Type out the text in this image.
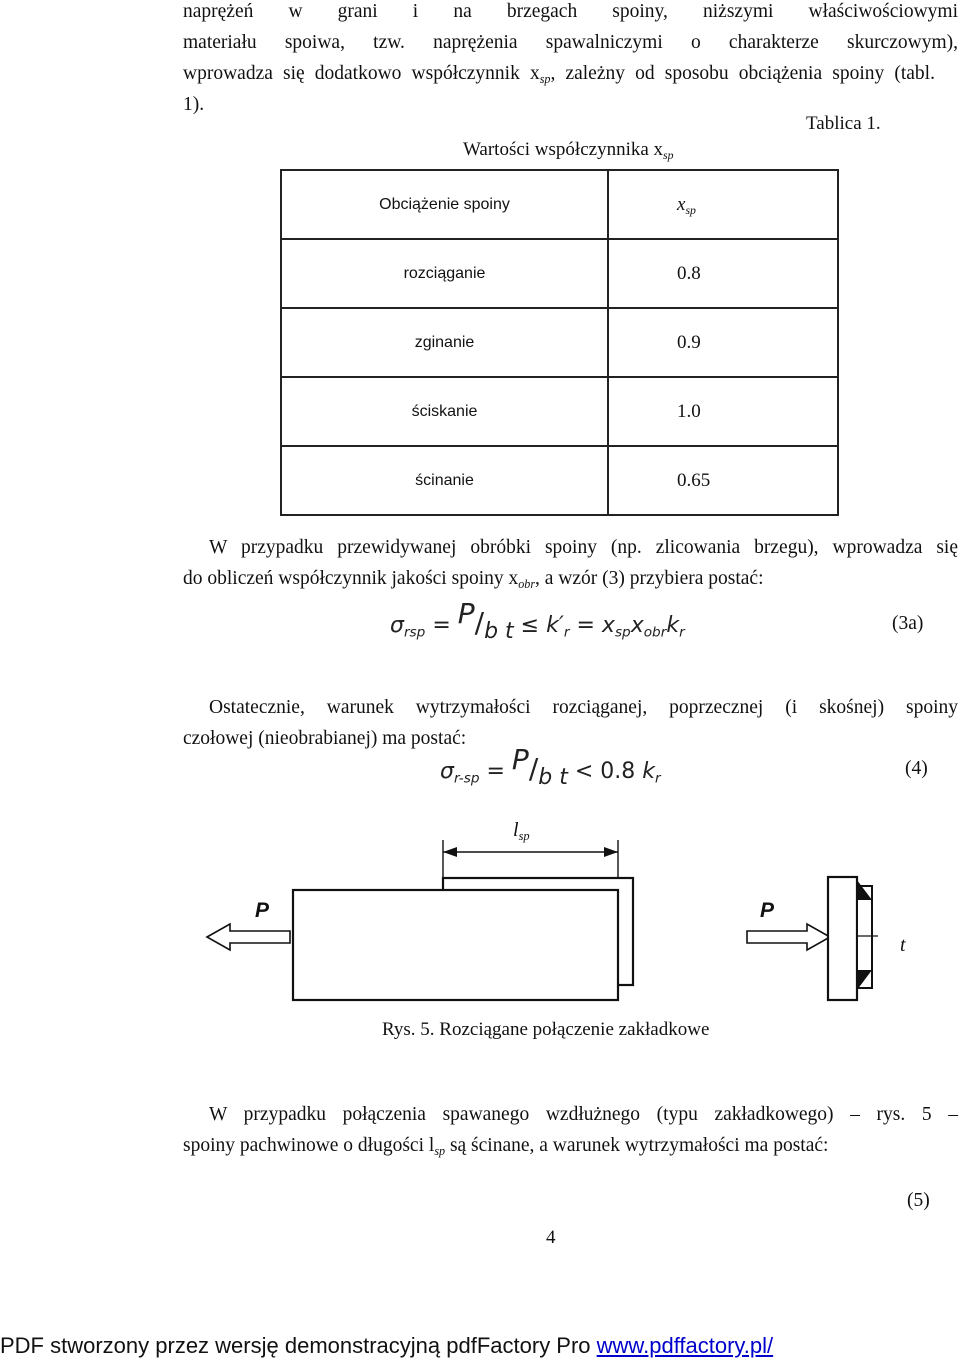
naprężeń w grani i na brzegach spoiny, niższymi właściwościowymi
materiału spoiwa, tzw. naprężenia spawalniczymi o charakterze skurczowym),
wprowadza się dodatkowo współczynnik $x_{sp}$, zależny od sposobu obciążenia spoiny (tabl.
1).
Tablica 1.
Wartości współczynnika $x_{sp}$
Obciążenie spoiny	$x_{sp}$
rozciąganie	0.8
zginanie	0.9
ściskanie	1.0
ścinanie	0.65
W przypadku przewidywanej obróbki spoiny (np. zlicowania brzegu), wprowadza się
do obliczeń współczynnik jakości spoiny $x_{obr}$, a wzór (3) przybiera postać:
$\sigma_{rsp} = P/b$ $t \le k'_r = x_{sp}x_{obr}k_r$	(3a)
Ostatecznie, warunek wytrzymałości rozciąganej, poprzecznej (i skośnej) spoiny
czołowej (nieobrabianej) ma postać:
$\sigma_{r-sp} = P/b$ t < 0.8 $k_r$	(4)
$l_{sp}$
P	P
t
Rys. 5. Rozciągane połączenie zakładkowe
W przypadku połączenia spawanego wzdłużnego (typu zakładkowego) – rys. 5 –
spoiny pachwinowe o długości $l_{sp}$ są ścinane, a warunek wytrzymałości ma postać:
(5)
4
PDF stworzony przez wersję demonstracyjną pdfFactory Pro www.pdffactory.pl/
